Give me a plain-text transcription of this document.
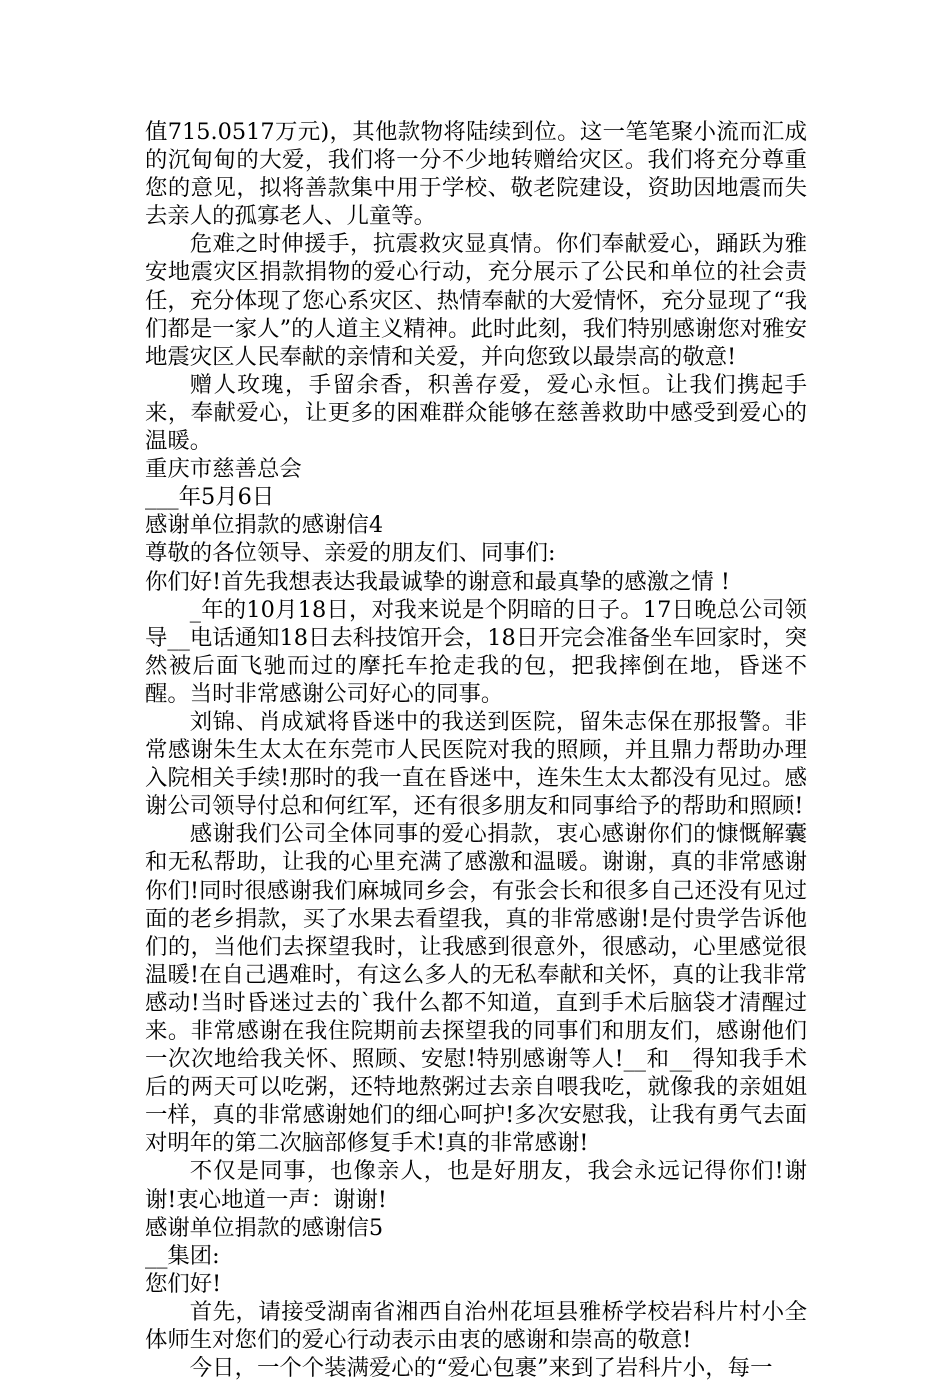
值715.0517万元)，其他款物将陆续到位。这一笔笔聚小流而汇成的沉甸甸的大爱，我们将一分不少地转赠给灾区。我们将充分尊重您的意见，拟将善款集中用于学校、敬老院建设，资助因地震而失去亲人的孤寡老人、儿童等。

危难之时伸援手，抗震救灾显真情。你们奉献爱心，踊跃为雅安地震灾区捐款捐物的爱心行动，充分展示了公民和单位的社会责任，充分体现了您心系灾区、热情奉献的大爱情怀，充分显现了“我们都是一家人”的人道主义精神。此时此刻，我们特别感谢您对雅安地震灾区人民奉献的亲情和关爱，并向您致以最崇高的敬意!

赠人玫瑰，手留余香，积善存爱，爱心永恒。让我们携起手来，奉献爱心，让更多的困难群众能够在慈善救助中感受到爱心的温暖。

重庆市慈善总会

___年5月6日

感谢单位捐款的感谢信4

尊敬的各位领导、亲爱的朋友们、同事们:

你们好!首先我想表达我最诚挚的谢意和最真挚的感激之情 !

_年的10月18日，对我来说是个阴暗的日子。17日晚总公司领导__电话通知18日去科技馆开会，18日开完会准备坐车回家时，突然被后面飞驰而过的摩托车抢走我的包，把我摔倒在地，昏迷不醒。当时非常感谢公司好心的同事。

刘锦、肖成斌将昏迷中的我送到医院，留朱志保在那报警。非常感谢朱生太太在东莞市人民医院对我的照顾，并且鼎力帮助办理入院相关手续!那时的我一直在昏迷中，连朱生太太都没有见过。感谢公司领导付总和何红军，还有很多朋友和同事给予的帮助和照顾!

感谢我们公司全体同事的爱心捐款，衷心感谢你们的慷慨解囊和无私帮助，让我的心里充满了感激和温暖。谢谢，真的非常感谢你们!同时很感谢我们麻城同乡会，有张会长和很多自己还没有见过面的老乡捐款，买了水果去看望我，真的非常感谢!是付贵学告诉他们的，当他们去探望我时，让我感到很意外，很感动，心里感觉很温暖!在自己遇难时，有这么多人的无私奉献和关怀，真的让我非常感动!当时昏迷过去的`我什么都不知道，直到手术后脑袋才清醒过来。非常感谢在我住院期前去探望我的同事们和朋友们，感谢他们一次次地给我关怀、照顾、安慰!特别感谢等人!__和__得知我手术后的两天可以吃粥，还特地熬粥过去亲自喂我吃，就像我的亲姐姐一样，真的非常感谢她们的细心呵护!多次安慰我，让我有勇气去面对明年的第二次脑部修复手术!真的非常感谢!

不仅是同事，也像亲人，也是好朋友，我会永远记得你们!谢谢!衷心地道一声：谢谢!

感谢单位捐款的感谢信5

__集团:

您们好!

首先，请接受湖南省湘西自治州花垣县雅桥学校岩科片村小全体师生对您们的爱心行动表示由衷的感谢和崇高的敬意!

今日，一个个装满爱心的“爱心包裹”来到了岩科片小，每一
